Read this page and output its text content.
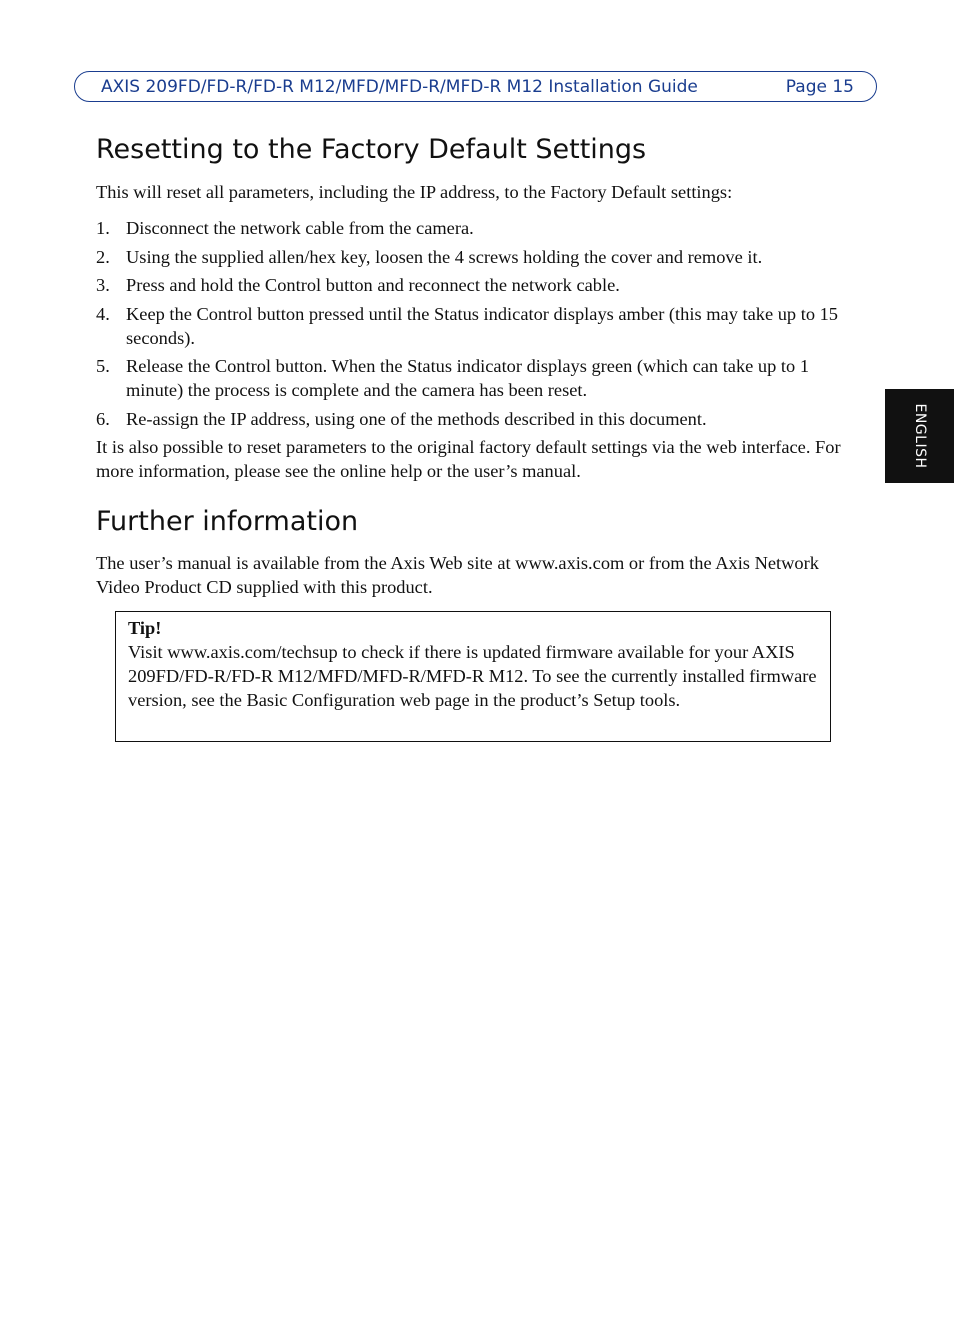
AXIS 209FD/FD-R/FD-R M12/MFD/MFD-R/MFD-R M12 Installation Guide	Page 15
ENGLISH
Resetting to the Factory Default Settings

This will reset all parameters, including the IP address, to the Factory Default settings:

1. Disconnect the network cable from the camera.
2. Using the supplied allen/hex key, loosen the 4 screws holding the cover and remove it.
3. Press and hold the Control button and reconnect the network cable.
4. Keep the Control button pressed until the Status indicator displays amber (this may take up to 15 seconds).
5. Release the Control button. When the Status indicator displays green (which can take up to 1 minute) the process is complete and the camera has been reset.
6. Re-assign the IP address, using one of the methods described in this document.

It is also possible to reset parameters to the original factory default settings via the web interface. For more information, please see the online help or the user’s manual.

Further information

The user’s manual is available from the Axis Web site at www.axis.com or from the Axis Network Video Product CD supplied with this product.

Tip!

Visit www.axis.com/techsup to check if there is updated firmware available for your AXIS 209FD/FD-R/FD-R M12/MFD/MFD-R/MFD-R M12. To see the currently installed firmware version, see the Basic Configuration web page in the product’s Setup tools.
